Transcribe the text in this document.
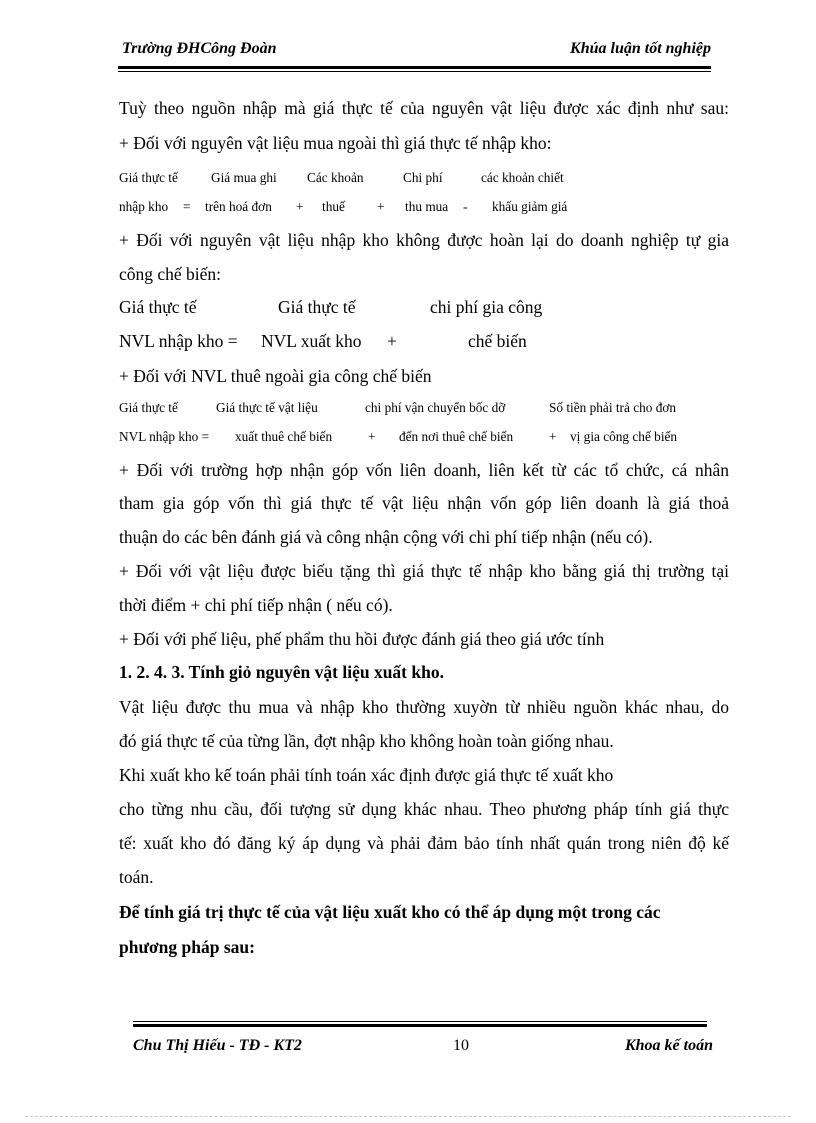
Trường ĐHCông Đoàn	Khúa luận tốt nghiệp
Tuỳ theo nguồn nhập mà giá thực tế của nguyên vật liệu được xác định như sau:
+ Đối với nguyên vật liệu mua ngoài thì giá thực tế nhập kho:
Giá thực tế Giá mua ghi Các khoản	Chi phí	các khoản chiết
nhập kho = trên hoá đơn + thuế + thu mua - khấu giảm giá
+ Đối với nguyên vật liệu nhập kho không được hoàn lại do doanh nghiệp tự gia
công chế biến:
Giá thực tế	Giá thực tế	chi phí gia công
NVL nhập kho = NVL xuất kho +	chế biến
+ Đối với NVL thuê ngoài gia công chế biến
Giá thực tế	Giá thực tế vật liệu	chi phí vận chuyển bốc dỡ	Số tiền phải trả cho đơn
NVL nhập kho = xuất thuê chế biến	+ đến nơi thuê chế biến	+ vị gia công chế biến
+ Đối với trường hợp nhận góp vốn liên doanh, liên kết từ các tổ chức, cá nhân
tham gia góp vốn thì giá thực tế vật liệu nhận vốn góp liên doanh là giá thoả
thuận do các bên đánh giá và công nhận cộng với chi phí tiếp nhận (nếu có).
+ Đối với vật liệu được biếu tặng thì giá thực tế nhập kho bằng giá thị trường tại
thời điểm + chi phí tiếp nhận ( nếu có).
+ Đối với phế liệu, phế phẩm thu hồi được đánh giá theo giá ước tính
1. 2. 4. 3. Tính giỏ nguyên vật liệu xuất kho.
Vật liệu được thu mua và nhập kho thường xuyờn từ nhiều nguồn khác nhau, do
đó giá thực tế của từng lần, đợt nhập kho không hoàn toàn giống nhau.
Khi xuất kho kế toán phải tính toán xác định được giá thực tế xuất kho
cho từng nhu cầu, đối tượng sử dụng khác nhau. Theo phương pháp tính giá thực
tế: xuất kho đó đăng ký áp dụng và phải đảm bảo tính nhất quán trong niên độ kế
toán.
Để tính giá trị thực tế của vật liệu xuất kho có thể áp dụng một trong các
phương pháp sau:
Chu Thị Hiếu - TĐ - KT2	10	Khoa kế toán
